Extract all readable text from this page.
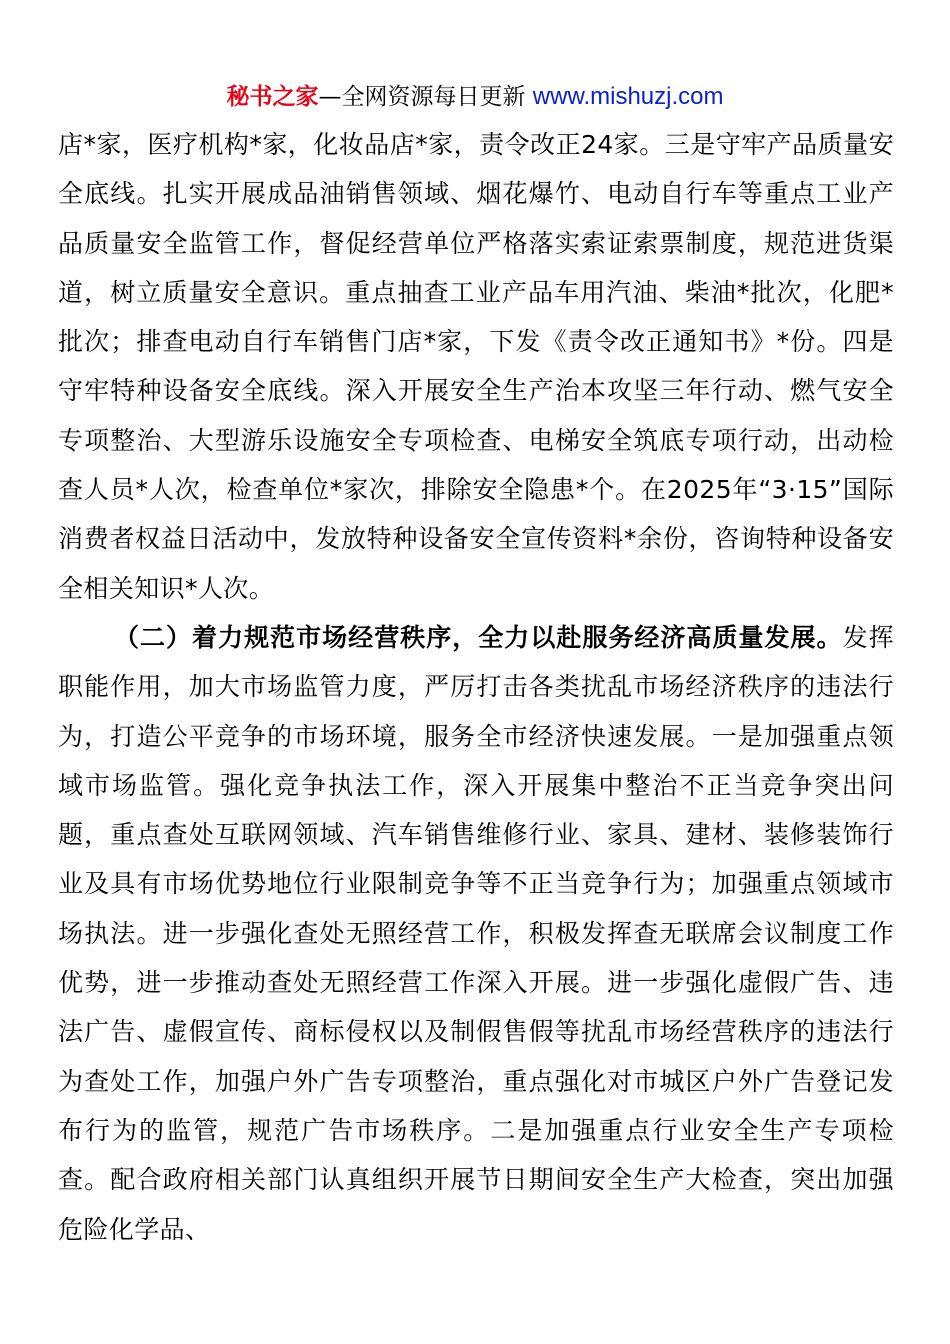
秘书之家—全网资源每日更新 www.mishuzj.com

店*家，医疗机构*家，化妆品店*家，责令改正24家。三是守牢产品质量安全底线。扎实开展成品油销售领域、烟花爆竹、电动自行车等重点工业产品质量安全监管工作，督促经营单位严格落实索证索票制度，规范进货渠道，树立质量安全意识。重点抽查工业产品车用汽油、柴油*批次，化肥*批次；排查电动自行车销售门店*家，下发《责令改正通知书》*份。四是守牢特种设备安全底线。深入开展安全生产治本攻坚三年行动、燃气安全专项整治、大型游乐设施安全专项检查、电梯安全筑底专项行动，出动检查人员*人次，检查单位*家次，排除安全隐患*个。在2025年“3·15”国际消费者权益日活动中，发放特种设备安全宣传资料*余份，咨询特种设备安全相关知识*人次。

（二）着力规范市场经营秩序，全力以赴服务经济高质量发展。发挥职能作用，加大市场监管力度，严厉打击各类扰乱市场经济秩序的违法行为，打造公平竞争的市场环境，服务全市经济快速发展。一是加强重点领域市场监管。强化竞争执法工作，深入开展集中整治不正当竞争突出问题，重点查处互联网领域、汽车销售维修行业、家具、建材、装修装饰行业及具有市场优势地位行业限制竞争等不正当竞争行为；加强重点领域市场执法。进一步强化查处无照经营工作，积极发挥查无联席会议制度工作优势，进一步推动查处无照经营工作深入开展。进一步强化虚假广告、违法广告、虚假宣传、商标侵权以及制假售假等扰乱市场经营秩序的违法行为查处工作，加强户外广告专项整治，重点强化对市城区户外广告登记发布行为的监管，规范广告市场秩序。二是加强重点行业安全生产专项检查。配合政府相关部门认真组织开展节日期间安全生产大检查，突出加强危险化学品、
